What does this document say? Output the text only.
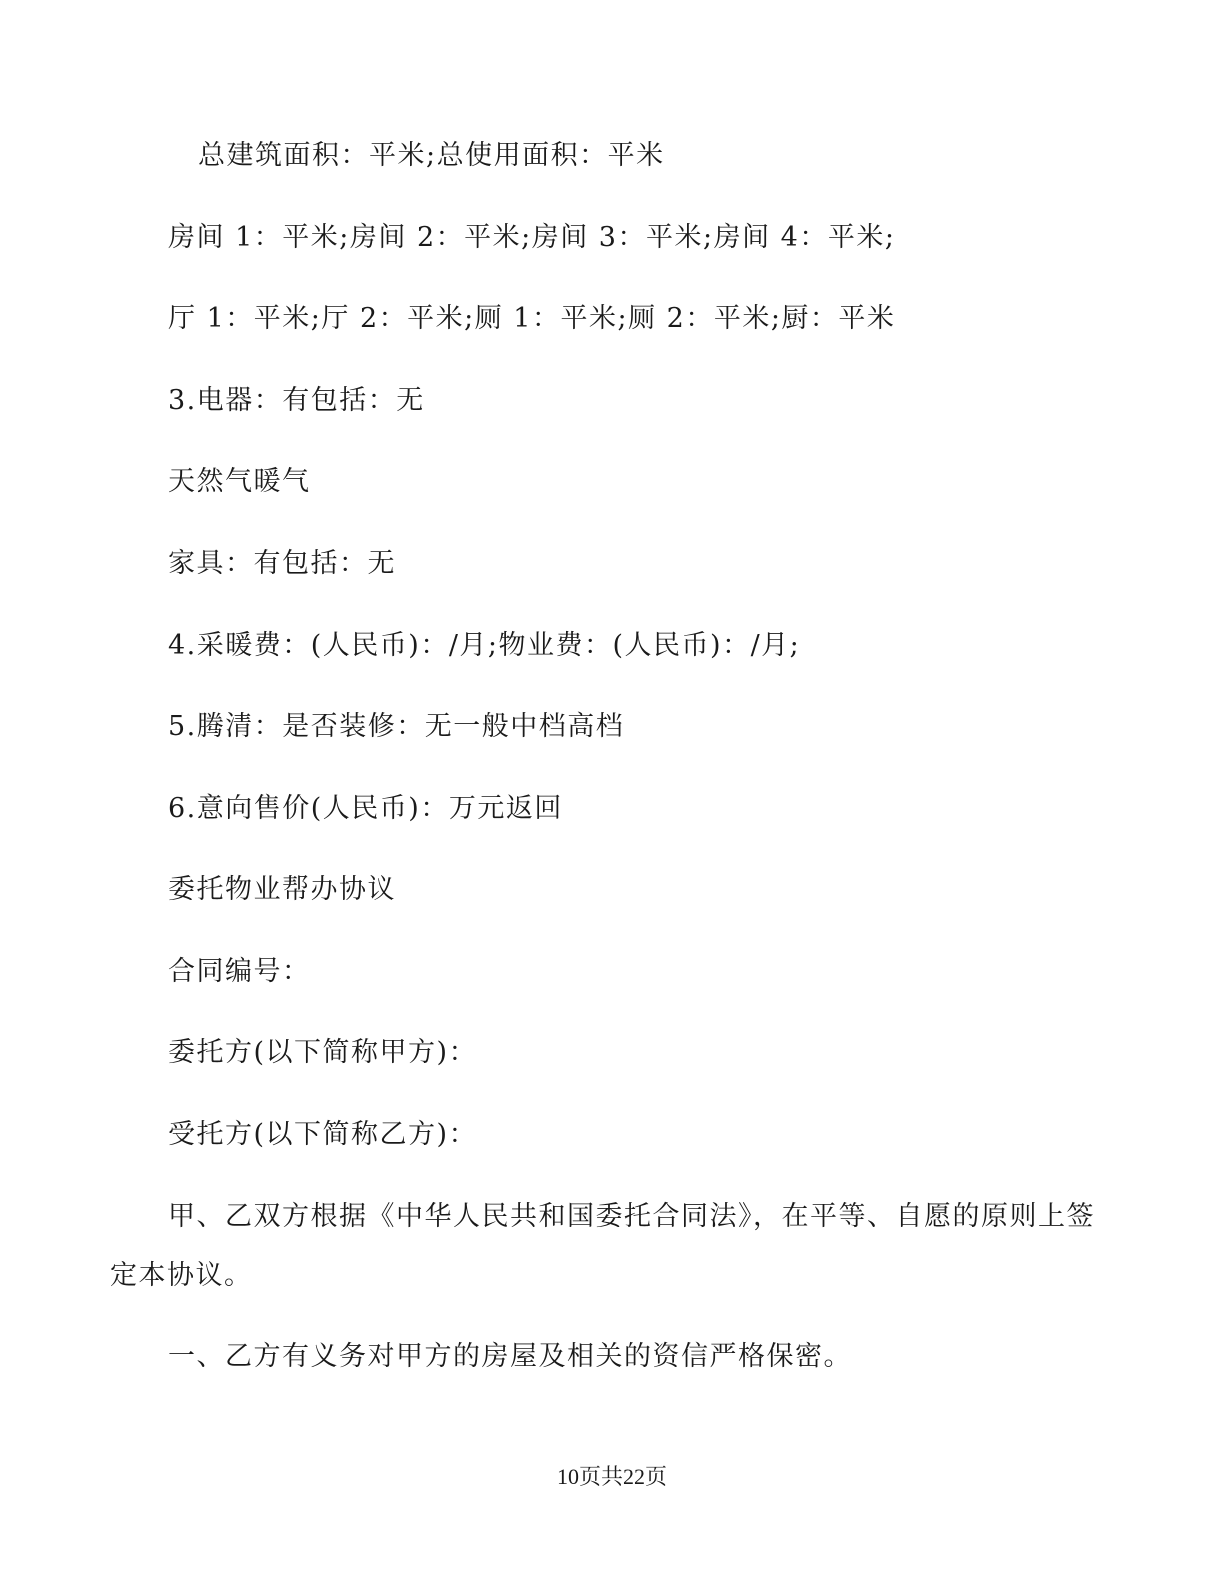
总建筑面积：平米;总使用面积：平米
房间 1：平米;房间 2：平米;房间 3：平米;房间 4：平米;
厅 1：平米;厅 2：平米;厕 1：平米;厕 2：平米;厨：平米
3.电器：有包括：无
天然气暖气
家具：有包括：无
4.采暖费：(人民币)：/月;物业费：(人民币)：/月;
5.腾清：是否装修：无一般中档高档
6.意向售价(人民币)：万元返回
委托物业帮办协议
合同编号：
委托方(以下简称甲方)：
受托方(以下简称乙方)：
甲、乙双方根据《中华人民共和国委托合同法》，在平等、自愿的原则上签
定本协议。
一、乙方有义务对甲方的房屋及相关的资信严格保密。
10页共22页
